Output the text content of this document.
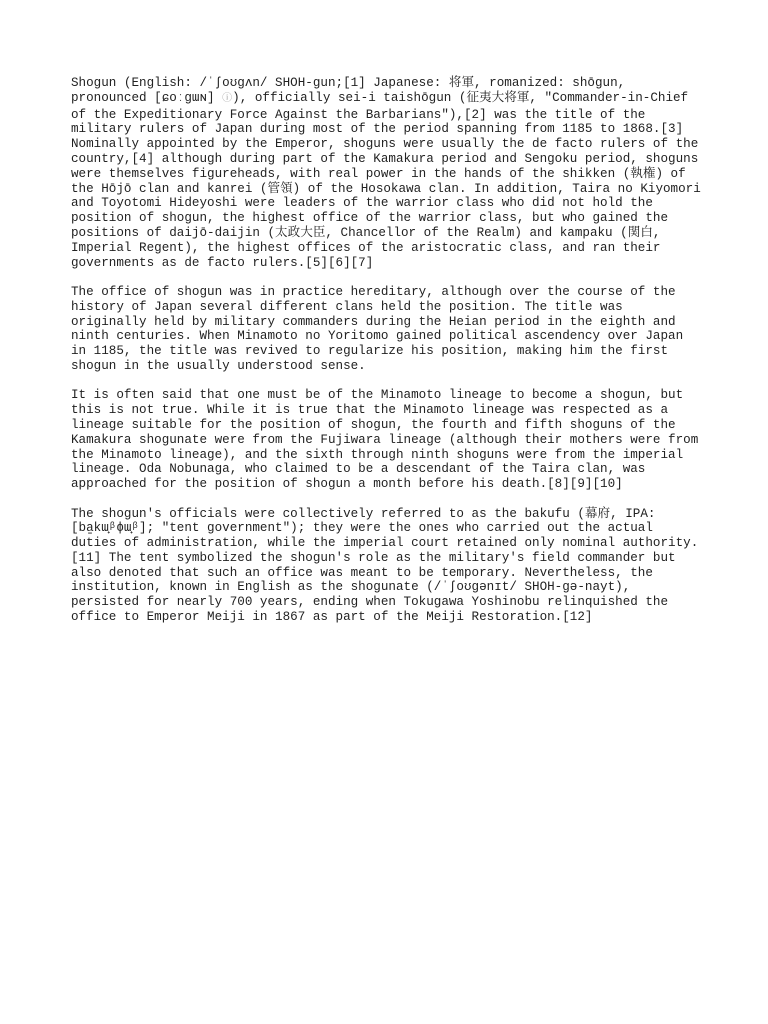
Shogun (English: /ˈʃoʊɡʌn/ SHOH-gun;[1] Japanese: 将軍, romanized: shōgun, pronounced [ɕoːɡɯɴ] ⓘ), officially sei-i taishōgun (征夷大将軍, "Commander-in-Chief of the Expeditionary Force Against the Barbarians"),[2] was the title of the military rulers of Japan during most of the period spanning from 1185 to 1868.[3] Nominally appointed by the Emperor, shoguns were usually the de facto rulers of the country,[4] although during part of the Kamakura period and Sengoku period, shoguns were themselves figureheads, with real power in the hands of the shikken (執権) of the Hōjō clan and kanrei (管領) of the Hosokawa clan. In addition, Taira no Kiyomori and Toyotomi Hideyoshi were leaders of the warrior class who did not hold the position of shogun, the highest office of the warrior class, but who gained the positions of daijō-daijin (太政大臣, Chancellor of the Realm) and kampaku (関白, Imperial Regent), the highest offices of the aristocratic class, and ran their governments as de facto rulers.[5][6][7]

The office of shogun was in practice hereditary, although over the course of the history of Japan several different clans held the position. The title was originally held by military commanders during the Heian period in the eighth and ninth centuries. When Minamoto no Yoritomo gained political ascendency over Japan in 1185, the title was revived to regularize his position, making him the first shogun in the usually understood sense.

It is often said that one must be of the Minamoto lineage to become a shogun, but this is not true. While it is true that the Minamoto lineage was respected as a lineage suitable for the position of shogun, the fourth and fifth shoguns of the Kamakura shogunate were from the Fujiwara lineage (although their mothers were from the Minamoto lineage), and the sixth through ninth shoguns were from the imperial lineage. Oda Nobunaga, who claimed to be a descendant of the Taira clan, was approached for the position of shogun a month before his death.[8][9][10]

The shogun's officials were collectively referred to as the bakufu (幕府, IPA: [ba̠kɯ̟ᵝɸɯ̟ᵝ]; "tent government"); they were the ones who carried out the actual duties of administration, while the imperial court retained only nominal authority.[11] The tent symbolized the shogun's role as the military's field commander but also denoted that such an office was meant to be temporary. Nevertheless, the institution, known in English as the shogunate (/ˈʃoʊɡənɪt/ SHOH-gə-nayt), persisted for nearly 700 years, ending when Tokugawa Yoshinobu relinquished the office to Emperor Meiji in 1867 as part of the Meiji Restoration.[12]
